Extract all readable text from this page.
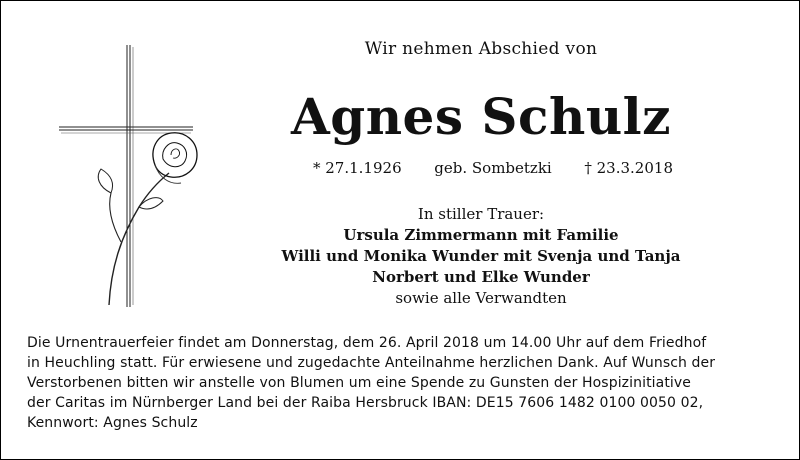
Wir nehmen Abschied von
Agnes Schulz
* 27.1.1926 geb. Sombetzki † 23.3.2018
In stiller Trauer:
Ursula Zimmermann mit Familie
Willi und Monika Wunder mit Svenja und Tanja
Norbert und Elke Wunder
sowie alle Verwandten
Die Urnentrauerfeier findet am Donnerstag, dem 26. April 2018 um 14.00 Uhr auf dem Friedhof
in Heuchling statt. Für erwiesene und zugedachte Anteilnahme herzlichen Dank. Auf Wunsch der
Verstorbenen bitten wir anstelle von Blumen um eine Spende zu Gunsten der Hospizinitiative
der Caritas im Nürnberger Land bei der Raiba Hersbruck IBAN: DE15 7606 1482 0100 0050 02,
Kennwort: Agnes Schulz
